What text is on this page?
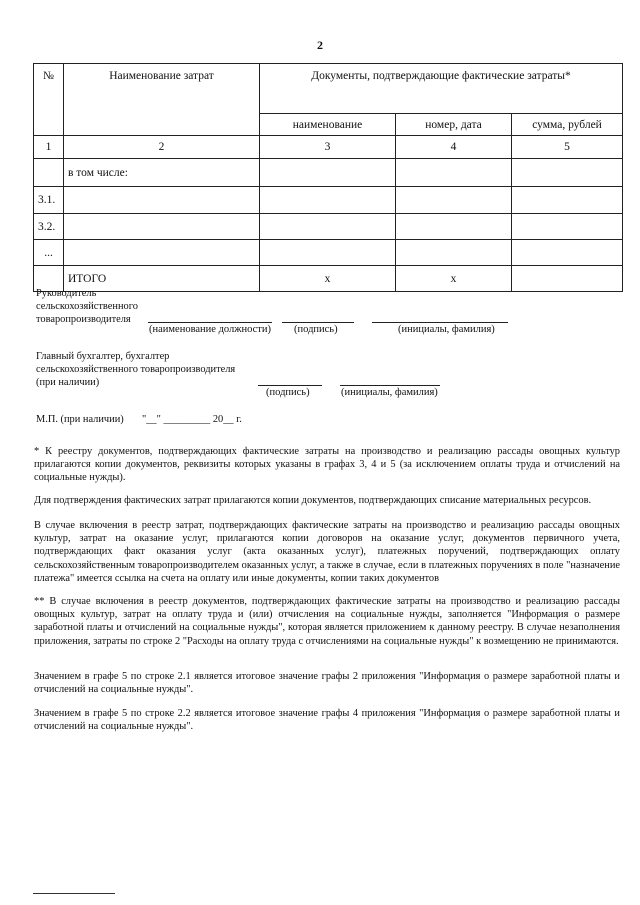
2
№	Наименование затрат	Документы, подтверждающие фактические затраты*		
		наименование	номер, дата	сумма, рублей
1	2	3	4	5
	в том числе:			
3.1.				
3.2.				
...				
	ИТОГО	x	x	
Руководитель
сельскохозяйственного
товаропроизводителя
(наименование должности) (подпись)	(инициалы, фамилия)
Главный бухгалтер, бухгалтер
сельскохозяйственного товаропроизводителя
(при наличии)
(подпись)	(инициалы, фамилия)
М.П. (при наличии) "__" _________ 20__ г.
* К реестру документов, подтверждающих фактические затраты на производство и реализацию рассады овощных культур прилагаются копии документов, реквизиты которых указаны в графах 3, 4 и 5 (за исключением оплаты труда и отчислений на социальные нужды).
Для подтверждения фактических затрат прилагаются копии документов, подтверждающих списание материальных ресурсов.
В случае включения в реестр затрат, подтверждающих фактические затраты на производство и реализацию рассады овощных культур, затрат на оказание услуг, прилагаются копии договоров на оказание услуг, документов первичного учета, подтверждающих факт оказания услуг (акта оказанных услуг), платежных поручений, подтверждающих оплату сельскохозяйственным товаропроизводителем оказанных услуг, а также в случае, если в платежных поручениях в поле "назначение платежа" имеется ссылка на счета на оплату или иные документы, копии таких документов
** В случае включения в реестр документов, подтверждающих фактические затраты на производство и реализацию рассады овощных культур, затрат на оплату труда и (или) отчисления на социальные нужды, заполняется "Информация о размере заработной платы и отчислений на социальные нужды", которая является приложением к данному реестру. В случае незаполнения приложения, затраты по строке 2 "Расходы на оплату труда с отчислениями на социальные нужды" к возмещению не принимаются.
Значением в графе 5 по строке 2.1 является итоговое значение графы 2 приложения "Информация о размере заработной платы и отчислений на социальные нужды".
Значением в графе 5 по строке 2.2 является итоговое значение графы 4 приложения "Информация о размере заработной платы и отчислений на социальные нужды".
